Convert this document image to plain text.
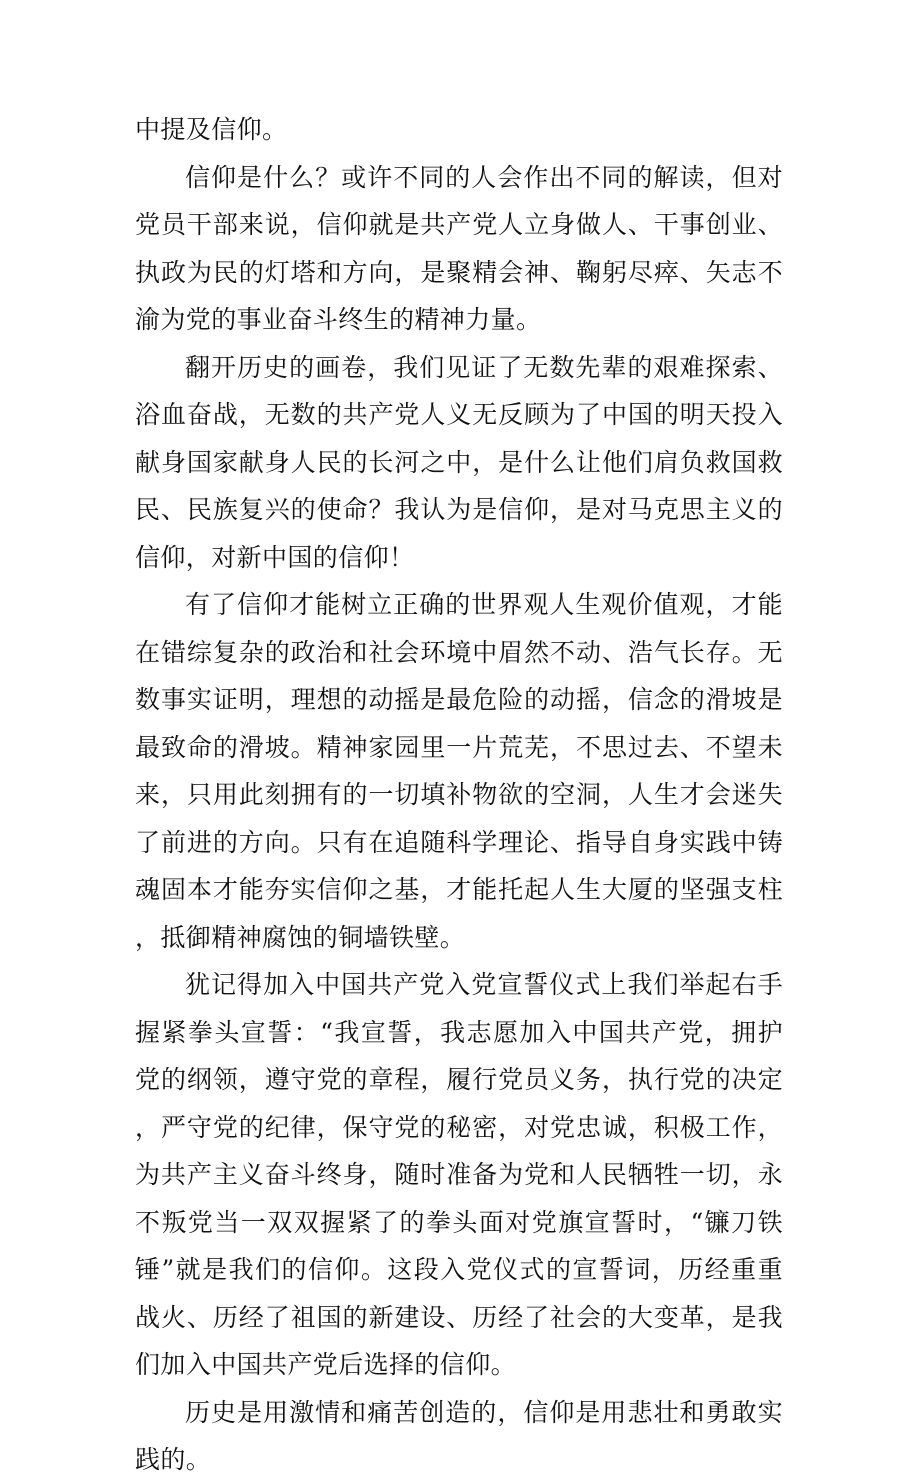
中提及信仰。

信仰是什么？或许不同的人会作出不同的解读，但对党员干部来说，信仰就是共产党人立身做人、干事创业、执政为民的灯塔和方向，是聚精会神、鞠躬尽瘁、矢志不渝为党的事业奋斗终生的精神力量。

翻开历史的画卷，我们见证了无数先辈的艰难探索、浴血奋战，无数的共产党人义无反顾为了中国的明天投入献身国家献身人民的长河之中，是什么让他们肩负救国救民、民族复兴的使命？我认为是信仰，是对马克思主义的信仰，对新中国的信仰！

有了信仰才能树立正确的世界观人生观价值观，才能在错综复杂的政治和社会环境中眉然不动、浩气长存。无数事实证明，理想的动摇是最危险的动摇，信念的滑坡是最致命的滑坡。精神家园里一片荒芜，不思过去、不望未来，只用此刻拥有的一切填补物欲的空洞，人生才会迷失了前进的方向。只有在追随科学理论、指导自身实践中铸魂固本才能夯实信仰之基，才能托起人生大厦的坚强支柱，抵御精神腐蚀的铜墙铁壁。

犹记得加入中国共产党入党宣誓仪式上我们举起右手握紧拳头宣誓：“我宣誓，我志愿加入中国共产党，拥护党的纲领，遵守党的章程，履行党员义务，执行党的决定，严守党的纪律，保守党的秘密，对党忠诚，积极工作，为共产主义奋斗终身，随时准备为党和人民牺牲一切，永不叛党当一双双握紧了的拳头面对党旗宣誓时，“镰刀铁锤”就是我们的信仰。这段入党仪式的宣誓词，历经重重战火、历经了祖国的新建设、历经了社会的大变革，是我们加入中国共产党后选择的信仰。

历史是用激情和痛苦创造的，信仰是用悲壮和勇敢实践的。
